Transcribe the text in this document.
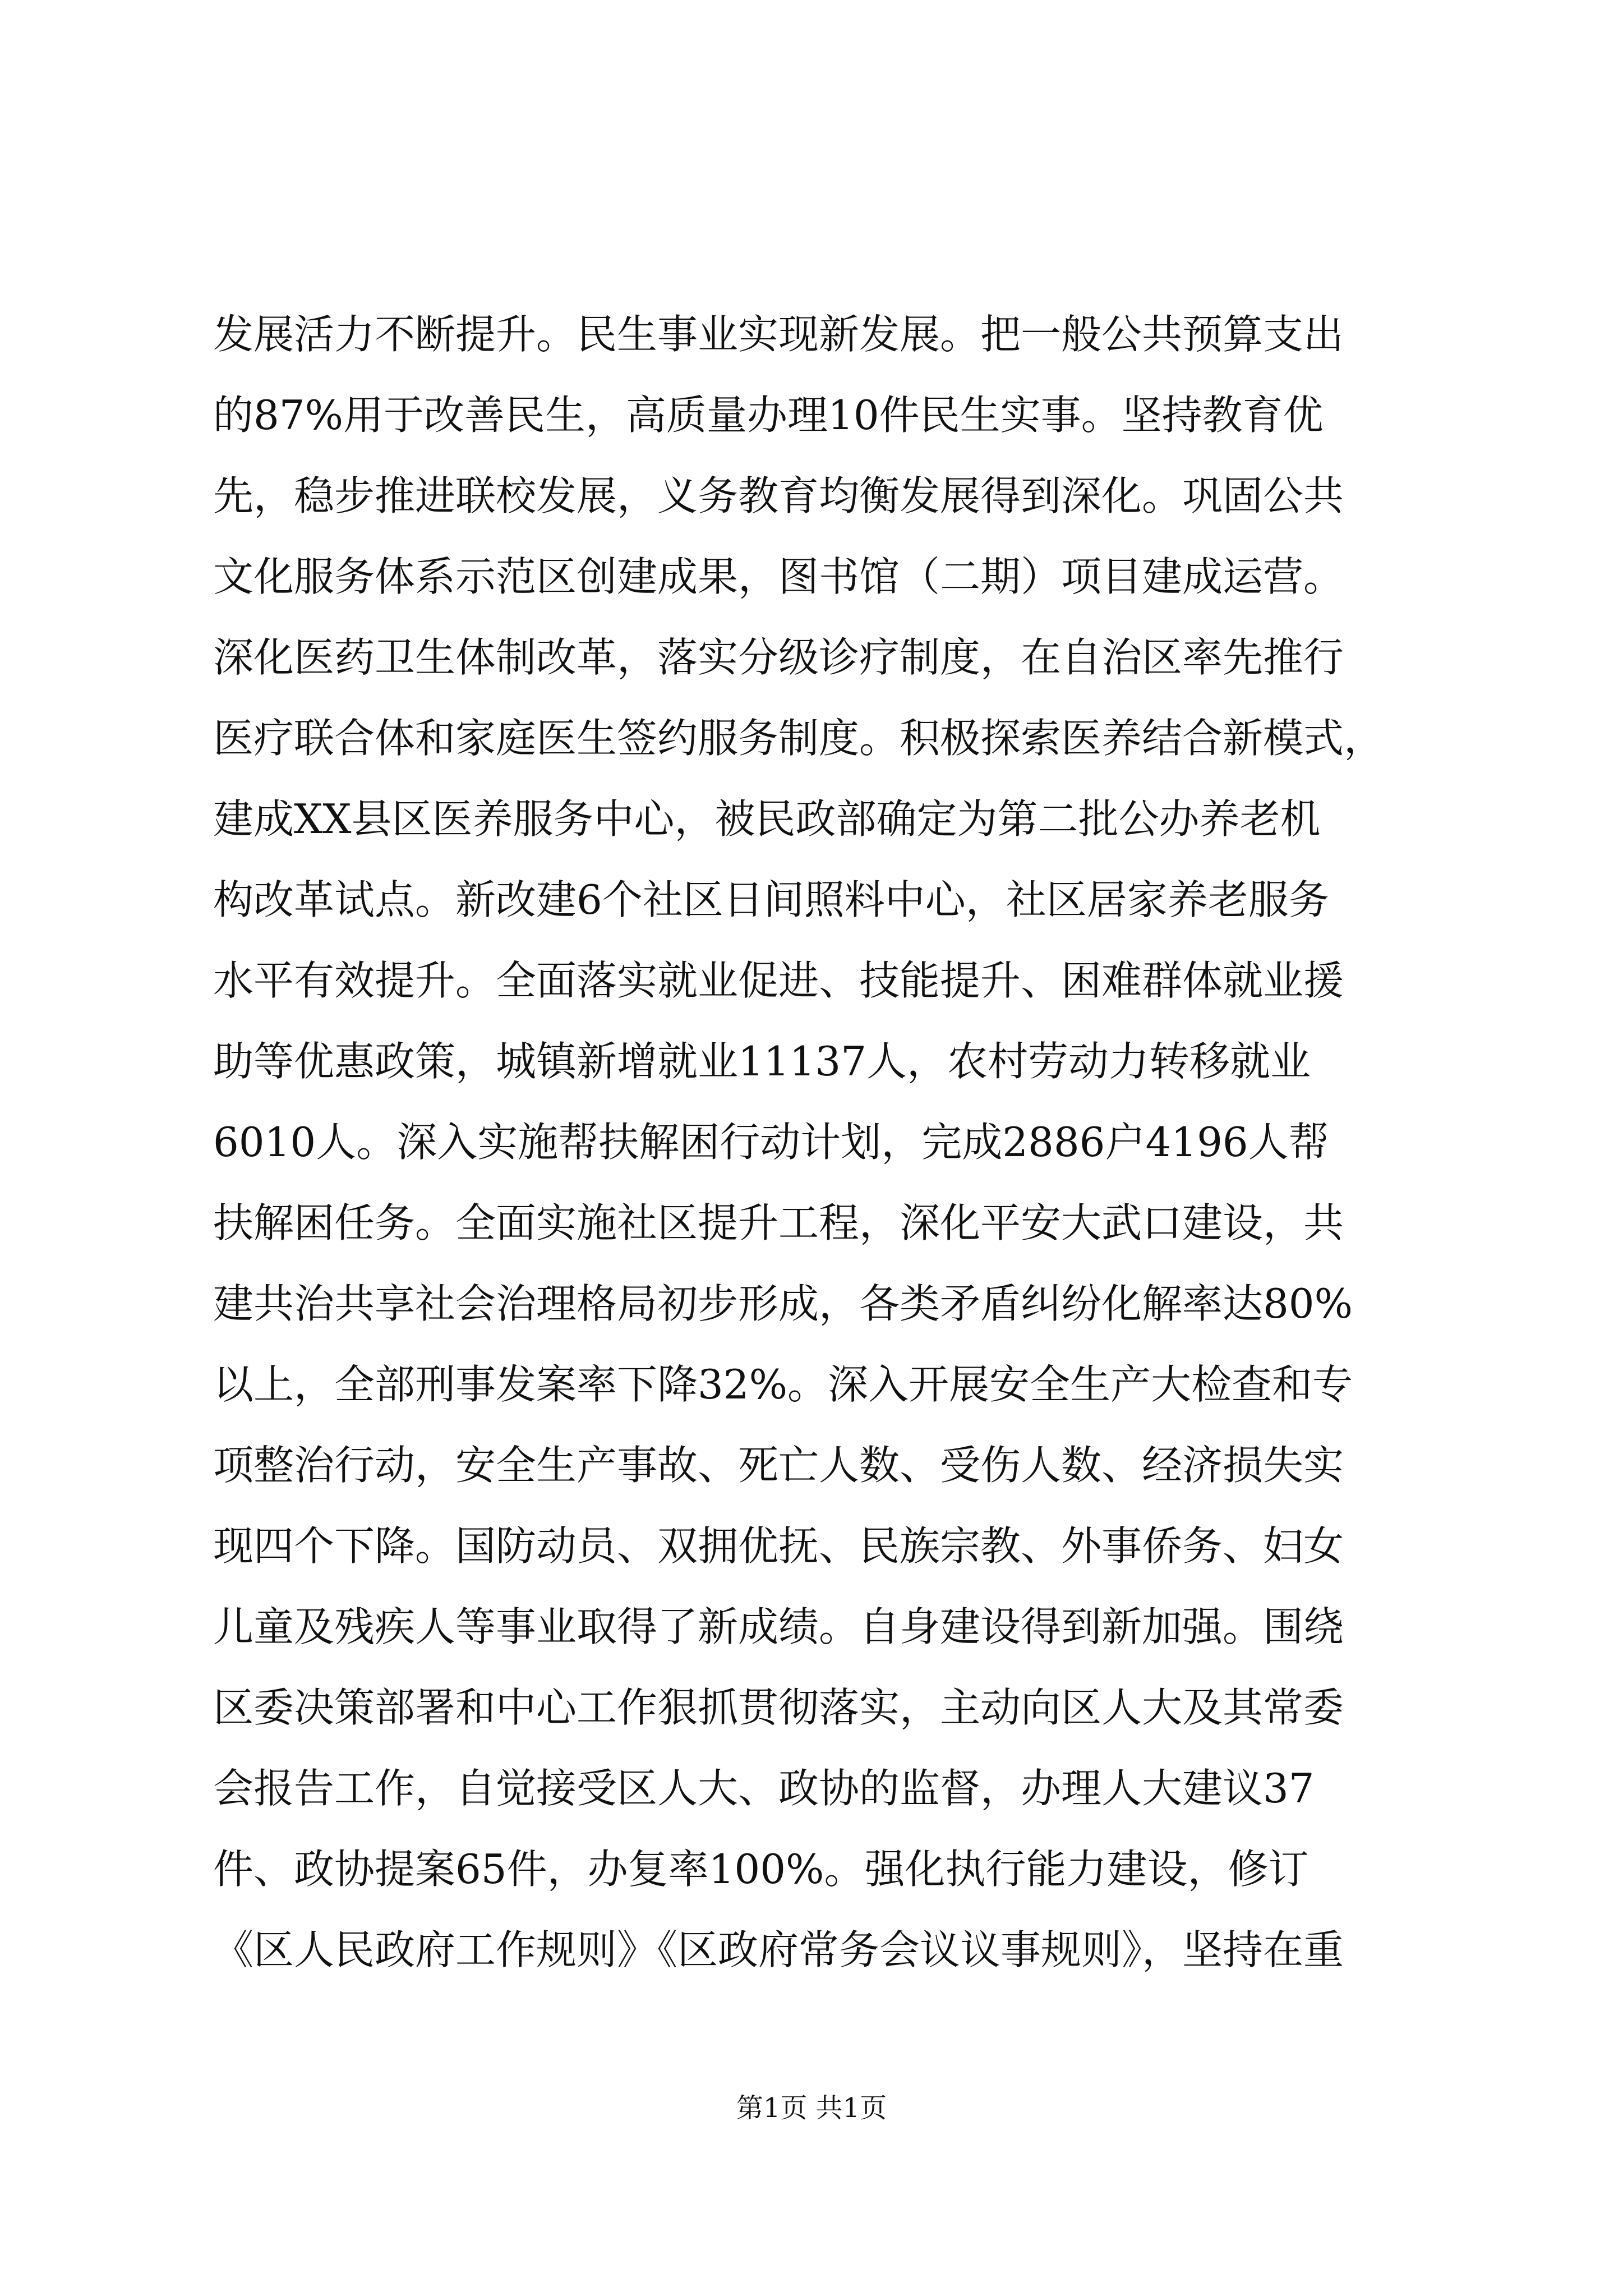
发展活力不断提升。民生事业实现新发展。把一般公共预算支出
的87%用于改善民生，高质量办理10件民生实事。坚持教育优
先，稳步推进联校发展，义务教育均衡发展得到深化。巩固公共
文化服务体系示范区创建成果，图书馆（二期）项目建成运营。
深化医药卫生体制改革，落实分级诊疗制度，在自治区率先推行
医疗联合体和家庭医生签约服务制度。积极探索医养结合新模式，
建成XX县区医养服务中心，被民政部确定为第二批公办养老机
构改革试点。新改建6个社区日间照料中心，社区居家养老服务
水平有效提升。全面落实就业促进、技能提升、困难群体就业援
助等优惠政策，城镇新增就业11137人，农村劳动力转移就业
6010人。深入实施帮扶解困行动计划，完成2886户4196人帮
扶解困任务。全面实施社区提升工程，深化平安大武口建设，共
建共治共享社会治理格局初步形成，各类矛盾纠纷化解率达80%
以上，全部刑事发案率下降32%。深入开展安全生产大检查和专
项整治行动，安全生产事故、死亡人数、受伤人数、经济损失实
现四个下降。国防动员、双拥优抚、民族宗教、外事侨务、妇女
儿童及残疾人等事业取得了新成绩。自身建设得到新加强。围绕
区委决策部署和中心工作狠抓贯彻落实，主动向区人大及其常委
会报告工作，自觉接受区人大、政协的监督，办理人大建议37
件、政协提案65件，办复率100%。强化执行能力建设，修订
《区人民政府工作规则》《区政府常务会议议事规则》，坚持在重
第1页 共1页
